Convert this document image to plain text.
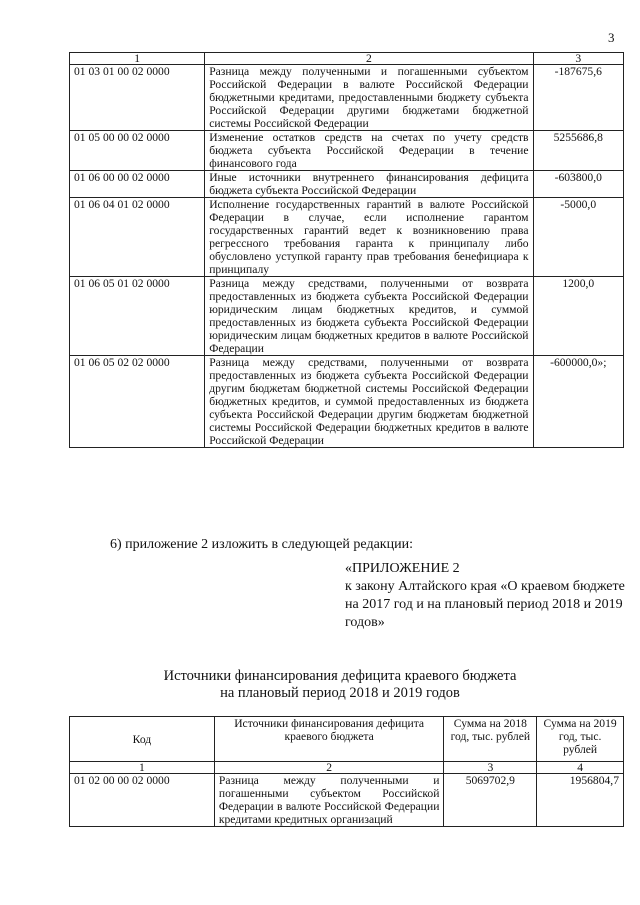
3
1	2	3
01 03 01 00 02 0000	Разница между полученными и погашенными субъектом Российской Федерации в валюте Российской Федерации бюджетными кредитами, предоставленными бюджету субъекта Российской Федерации другими бюджетами бюджетной системы Российской Федерации	-187675,6
01 05 00 00 02 0000	Изменение остатков средств на счетах по учету средств бюджета субъекта Российской Федерации в течение финансового года	5255686,8
01 06 00 00 02 0000	Иные источники внутреннего финансирования дефицита бюджета субъекта Российской Федерации	-603800,0
01 06 04 01 02 0000	Исполнение государственных гарантий в валюте Российской Федерации в случае, если исполнение гарантом государственных гарантий ведет к возникновению права регрессного требования гаранта к принципалу либо обусловлено уступкой гаранту прав требования бенефициара к принципалу	-5000,0
01 06 05 01 02 0000	Разница между средствами, полученными от возврата предоставленных из бюджета субъекта Российской Федерации юридическим лицам бюджетных кредитов, и суммой предоставленных из бюджета субъекта Российской Федерации юридическим лицам бюджетных кредитов в валюте Российской Федерации	1200,0
01 06 05 02 02 0000	Разница между средствами, полученными от возврата предоставленных из бюджета субъекта Российской Федерации другим бюджетам бюджетной системы Российской Федерации бюджетных кредитов, и суммой предоставленных из бюджета субъекта Российской Федерации другим бюджетам бюджетной системы Российской Федерации бюджетных кредитов в валюте Российской Федерации	-600000,0»;
6) приложение 2 изложить в следующей редакции:
«ПРИЛОЖЕНИЕ 2
к закону Алтайского края «О краевом бюджете на 2017 год и на плановый период 2018 и 2019 годов»
Источники финансирования дефицита краевого бюджета
на плановый период 2018 и 2019 годов
Код	Источники финансирования дефицита краевого бюджета	Сумма на 2018 год, тыс. рублей	Сумма на 2019 год, тыс. рублей
1	2	3	4
01 02 00 00 02 0000	Разница между полученными и погашенными субъектом Российской Федерации в валюте Российской Федерации кредитами кредитных организаций	5069702,9	1956804,7
